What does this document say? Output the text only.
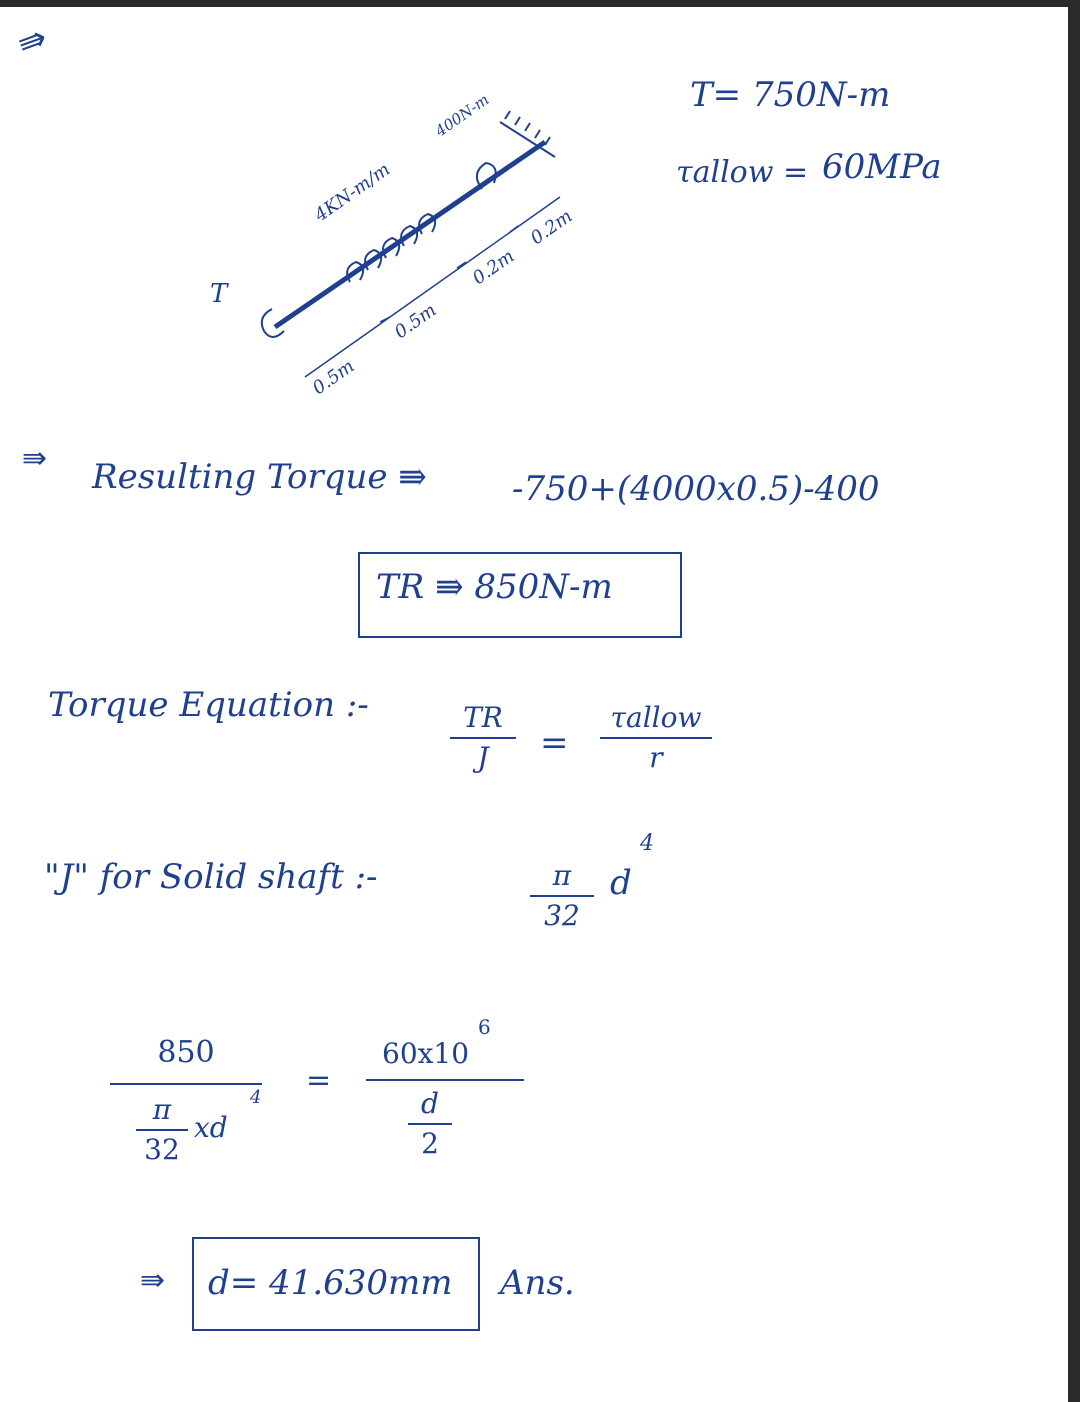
⇛
T= 750N-m
τallow = 60MPa
T
4KN-m/m
400N-m
0.5m
0.5m
0.2m
0.2m
⇛ Resulting Torque ⇛	-750+(4000x0.5)-400
TR ⇛ 850N-m
Torque Equation :-	TR
J	=
τallow
r
"J" for Solid shaft :-	π
32
d
4
850
π
32
xd
4 =
60x10
6
d
2
⇛ d= 41.630mm Ans.
